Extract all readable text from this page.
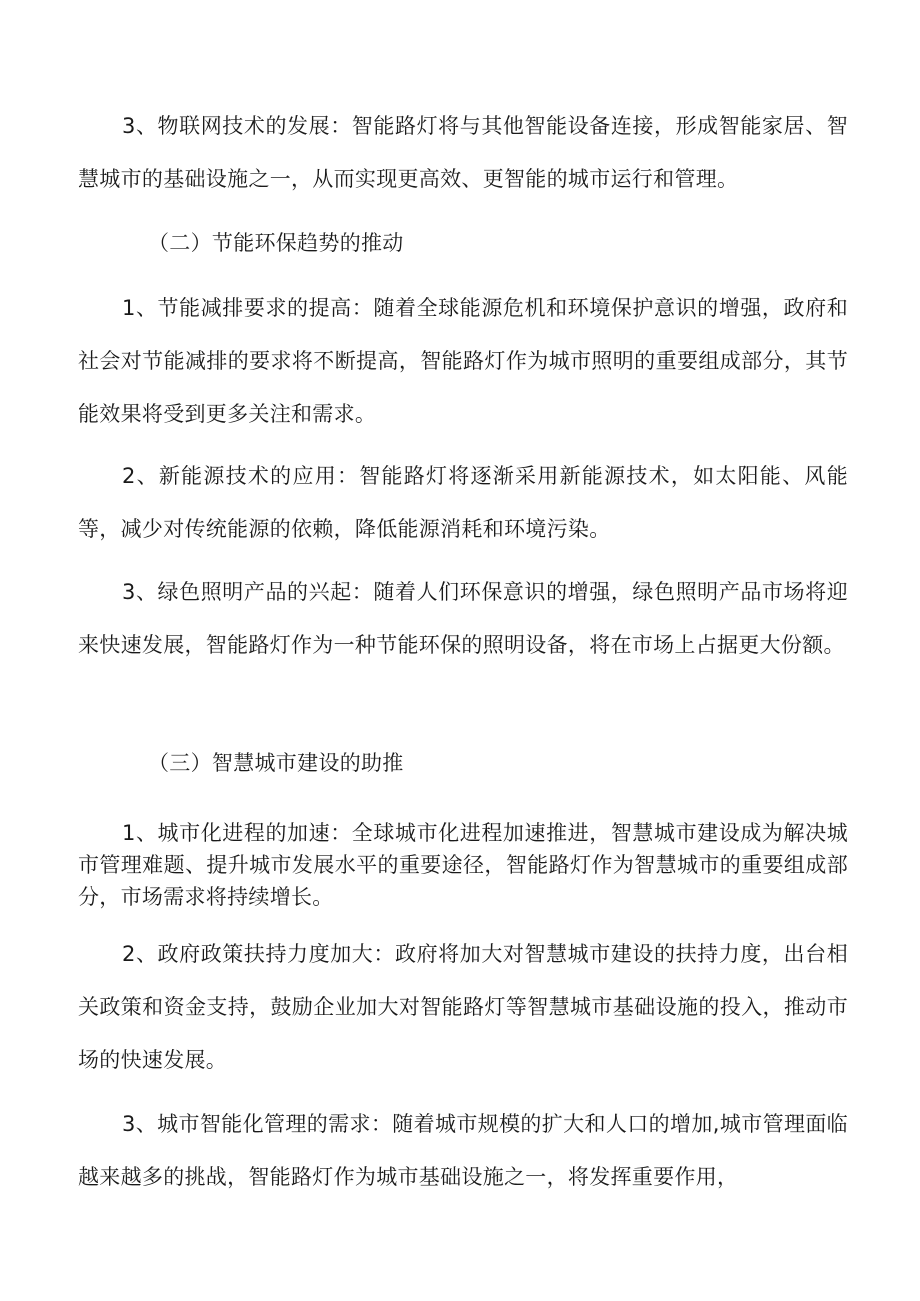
3、物联网技术的发展：智能路灯将与其他智能设备连接，形成智能家居、智慧城市的基础设施之一，从而实现更高效、更智能的城市运行和管理。

（二）节能环保趋势的推动

1、节能减排要求的提高：随着全球能源危机和环境保护意识的增强，政府和社会对节能减排的要求将不断提高，智能路灯作为城市照明的重要组成部分，其节能效果将受到更多关注和需求。

2、新能源技术的应用：智能路灯将逐渐采用新能源技术，如太阳能、风能等，减少对传统能源的依赖，降低能源消耗和环境污染。

3、绿色照明产品的兴起：随着人们环保意识的增强，绿色照明产品市场将迎来快速发展，智能路灯作为一种节能环保的照明设备，将在市场上占据更大份额。

（三）智慧城市建设的助推

1、城市化进程的加速：全球城市化进程加速推进，智慧城市建设成为解决城市管理难题、提升城市发展水平的重要途径，智能路灯作为智慧城市的重要组成部分，市场需求将持续增长。

2、政府政策扶持力度加大：政府将加大对智慧城市建设的扶持力度，出台相关政策和资金支持，鼓励企业加大对智能路灯等智慧城市基础设施的投入，推动市场的快速发展。

3、城市智能化管理的需求：随着城市规模的扩大和人口的增加,城市管理面临越来越多的挑战，智能路灯作为城市基础设施之一，将发挥重要作用，
